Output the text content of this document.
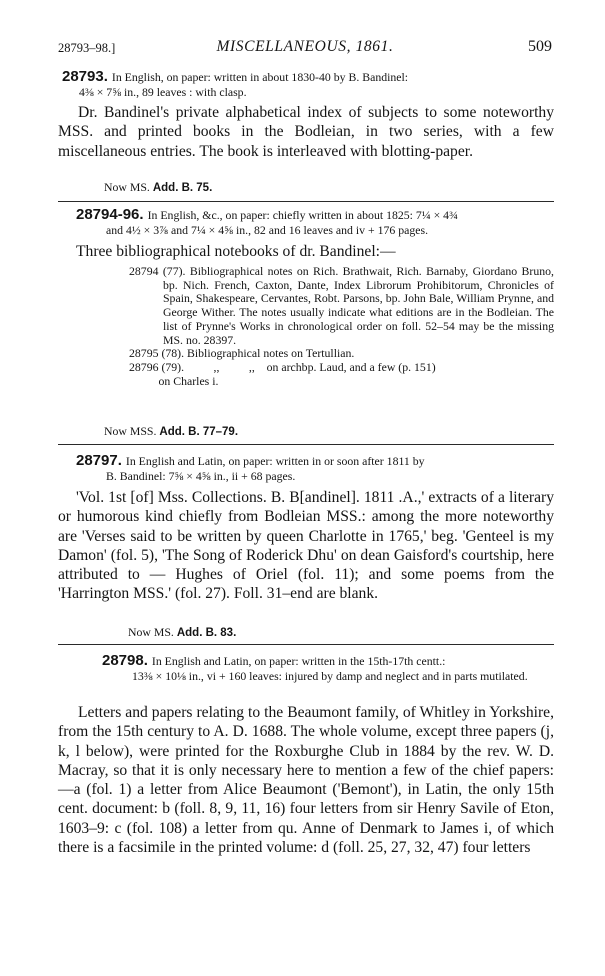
28793–98.]	MISCELLANEOUS, 1861.	509
28793. In English, on paper: written in about 1830-40 by B. Bandinel:
4⅜ × 7⅝ in., 89 leaves : with clasp.
Dr. Bandinel's private alphabetical index of subjects to some noteworthy MSS. and printed books in the Bodleian, in two series, with a few miscellaneous entries. The book is interleaved with blotting-paper.
Now MS. Add. B. 75.
28794-96. In English, &c., on paper: chiefly written in about 1825: 7¼ × 4¾
and 4½ × 3⅞ and 7¼ × 4⅝ in., 82 and 16 leaves and iv + 176 pages.
Three bibliographical notebooks of dr. Bandinel:—
28794 (77). Bibliographical notes on Rich. Brathwait, Rich. Barnaby, Giordano Bruno, bp. Nich. French, Caxton, Dante, Index Librorum Prohibitorum, Chronicles of Spain, Shakespeare, Cervantes, Robt. Parsons, bp. John Bale, William Prynne, and George Wither. The notes usually indicate what editions are in the Bodleian. The list of Prynne's Works in chronological order on foll. 52–54 may be the missing MS. no. 28397.
28795 (78). Bibliographical notes on Tertullian.
28796 (79).          ,,          ,,    on archbp. Laud, and a few (p. 151)
on Charles i.
Now MSS. Add. B. 77–79.
28797. In English and Latin, on paper: written in or soon after 1811 by
B. Bandinel: 7⅝ × 4⅝ in., ii + 68 pages.
'Vol. 1st [of] Mss. Collections. B. B[andinel]. 1811 .A.,' extracts of a literary or humorous kind chiefly from Bodleian MSS.: among the more noteworthy are 'Verses said to be written by queen Charlotte in 1765,' beg. 'Genteel is my Damon' (fol. 5), 'The Song of Roderick Dhu' on dean Gaisford's courtship, here attributed to — Hughes of Oriel (fol. 11); and some poems from the 'Harrington MSS.' (fol. 27). Foll. 31–end are blank.
Now MS. Add. B. 83.
28798. In English and Latin, on paper: written in the 15th-17th centt.:
13⅜ × 10⅛ in., vi + 160 leaves: injured by damp and neglect and in parts mutilated.
Letters and papers relating to the Beaumont family, of Whitley in Yorkshire, from the 15th century to A. D. 1688. The whole volume, except three papers (j, k, l below), were printed for the Roxburghe Club in 1884 by the rev. W. D. Macray, so that it is only necessary here to mention a few of the chief papers:—a (fol. 1) a letter from Alice Beaumont ('Bemont'), in Latin, the only 15th cent. document: b (foll. 8, 9, 11, 16) four letters from sir Henry Savile of Eton, 1603–9: c (fol. 108) a letter from qu. Anne of Denmark to James i, of which there is a facsimile in the printed volume: d (foll. 25, 27, 32, 47) four letters
